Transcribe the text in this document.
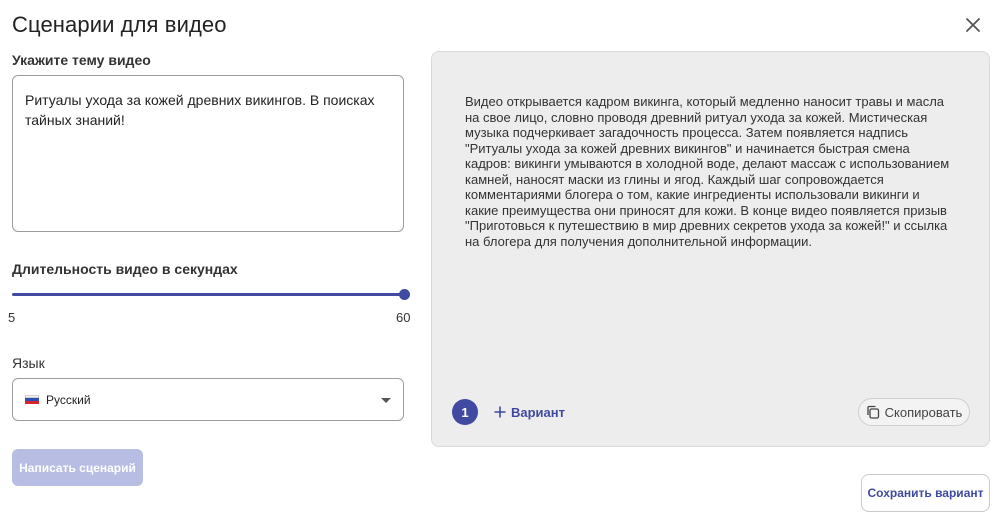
Сценарии для видео
Укажите тему видео
Ритуалы ухода за кожей древних викингов. В поисках тайных знаний!
Длительность видео в секундах
5	60
Язык
Русский
Написать сценарий
Видео открывается кадром викинга, который медленно наносит травы и масла на свое лицо, словно проводя древний ритуал ухода за кожей. Мистическая музыка подчеркивает загадочность процесса. Затем появляется надпись "Ритуалы ухода за кожей древних викингов" и начинается быстрая смена кадров: викинги умываются в холодной воде, делают массаж с использованием камней, наносят маски из глины и ягод. Каждый шаг сопровождается комментариями блогера о том, какие ингредиенты использовали викинги и какие преимущества они приносят для кожи. В конце видео появляется призыв "Приготовься к путешествию в мир древних секретов ухода за кожей!" и ссылка на блогера для получения дополнительной информации.
1	Вариант	Скопировать
Сохранить вариант
